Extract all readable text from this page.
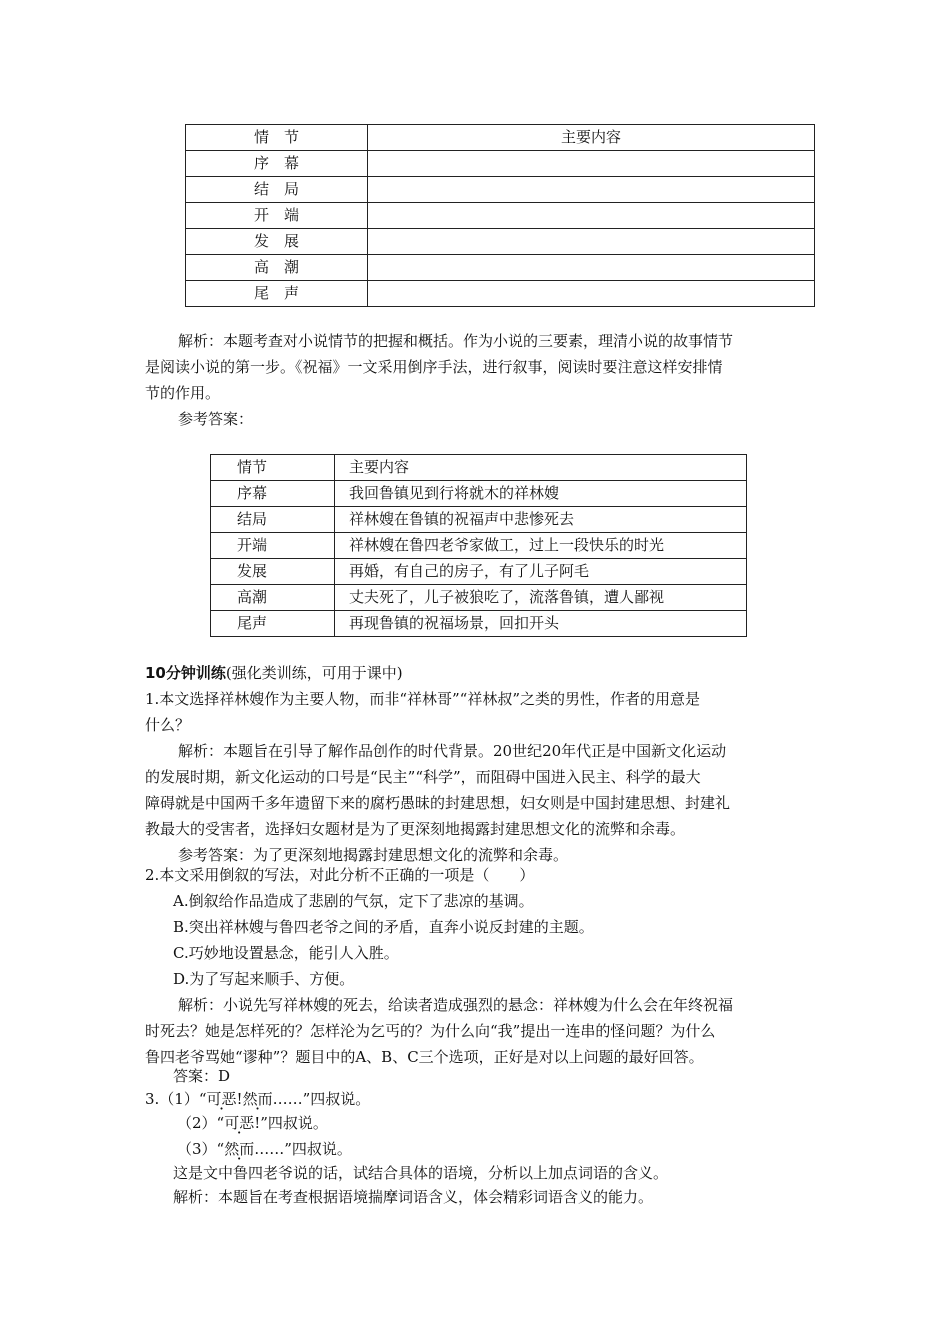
情　节	主要内容
序　幕	
结　局	
开　端	
发　展	
高　潮	
尾　声	
解析：本题考查对小说情节的把握和概括。作为小说的三要素，理清小说的故事情节
是阅读小说的第一步。《祝福》一文采用倒序手法，进行叙事，阅读时要注意这样安排情
节的作用。
参考答案：
情节	主要内容
序幕	我回鲁镇见到行将就木的祥林嫂
结局	祥林嫂在鲁镇的祝福声中悲惨死去
开端	祥林嫂在鲁四老爷家做工，过上一段快乐的时光
发展	再婚，有自己的房子，有了儿子阿毛
高潮	丈夫死了，儿子被狼吃了，流落鲁镇，遭人鄙视
尾声	再现鲁镇的祝福场景，回扣开头
10分钟训练(强化类训练，可用于课中)
1.本文选择祥林嫂作为主要人物，而非“祥林哥”“祥林叔”之类的男性，作者的用意是
什么？
解析：本题旨在引导了解作品创作的时代背景。20世纪20年代正是中国新文化运动
的发展时期，新文化运动的口号是“民主”“科学”，而阻碍中国进入民主、科学的最大
障碍就是中国两千多年遗留下来的腐朽愚昧的封建思想，妇女则是中国封建思想、封建礼
教最大的受害者，选择妇女题材是为了更深刻地揭露封建思想文化的流弊和余毒。
参考答案：为了更深刻地揭露封建思想文化的流弊和余毒。
2.本文采用倒叙的写法，对此分析不正确的一项是（　　）
A.倒叙给作品造成了悲剧的气氛，定下了悲凉的基调。
B.突出祥林嫂与鲁四老爷之间的矛盾，直奔小说反封建的主题。
C.巧妙地设置悬念，能引人入胜。
D.为了写起来顺手、方便。
解析：小说先写祥林嫂的死去，给读者造成强烈的悬念：祥林嫂为什么会在年终祝福
时死去？她是怎样死的？怎样沦为乞丐的？为什么向“我”提出一连串的怪问题？为什么
鲁四老爷骂她“谬种”？题目中的A、B、C三个选项，正好是对以上问题的最好回答。
答案：D
3.（1）“可恶!然而……”四叔说。
（2）“可恶!”四叔说。
（3）“然而……”四叔说。
这是文中鲁四老爷说的话，试结合具体的语境，分析以上加点词语的含义。
解析：本题旨在考查根据语境揣摩词语含义，体会精彩词语含义的能力。
